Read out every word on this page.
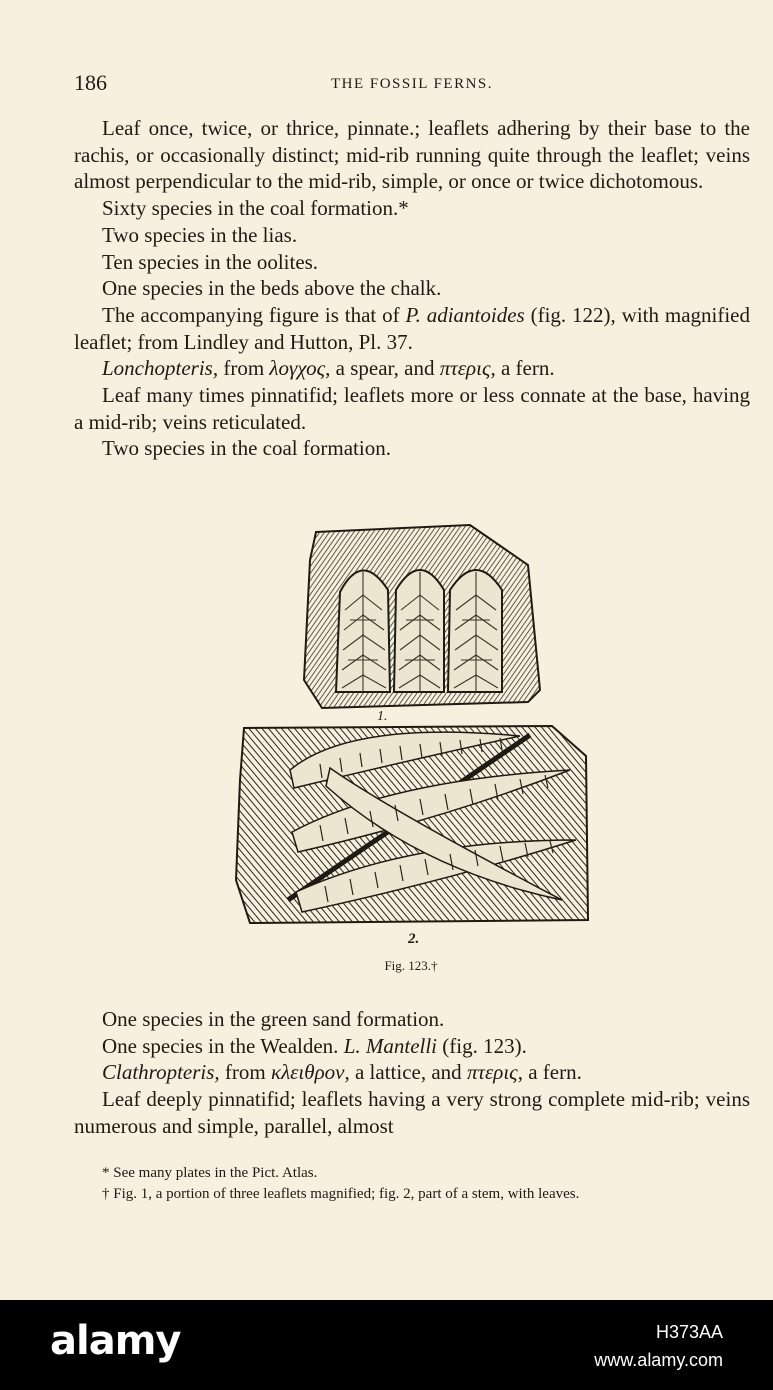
186	THE FOSSIL FERNS.

Leaf once, twice, or thrice, pinnate.; leaflets adhering by their base to the rachis, or occasionally distinct; mid-rib running quite through the leaflet; veins almost perpendicular to the mid-rib, simple, or once or twice dichotomous.

Sixty species in the coal formation.*

Two species in the lias.

Ten species in the oolites.

One species in the beds above the chalk.

The accompanying figure is that of P. adiantoides (fig. 122), with magnified leaflet; from Lindley and Hutton, Pl. 37.

Lonchopteris, from λογχος, a spear, and πτερις, a fern.

Leaf many times pinnatifid; leaflets more or less connate at the base, having a mid-rib; veins reticulated.

Two species in the coal formation.

1.
2.
Fig. 123.†

One species in the green sand formation.

One species in the Wealden. L. Mantelli (fig. 123).

Clathropteris, from κλειθρον, a lattice, and πτερις, a fern.

Leaf deeply pinnatifid; leaflets having a very strong complete mid-rib; veins numerous and simple, parallel, almost

* See many plates in the Pict. Atlas.

† Fig. 1, a portion of three leaflets magnified; fig. 2, part of a stem, with leaves.

alamy	H373AA
www.alamy.com
